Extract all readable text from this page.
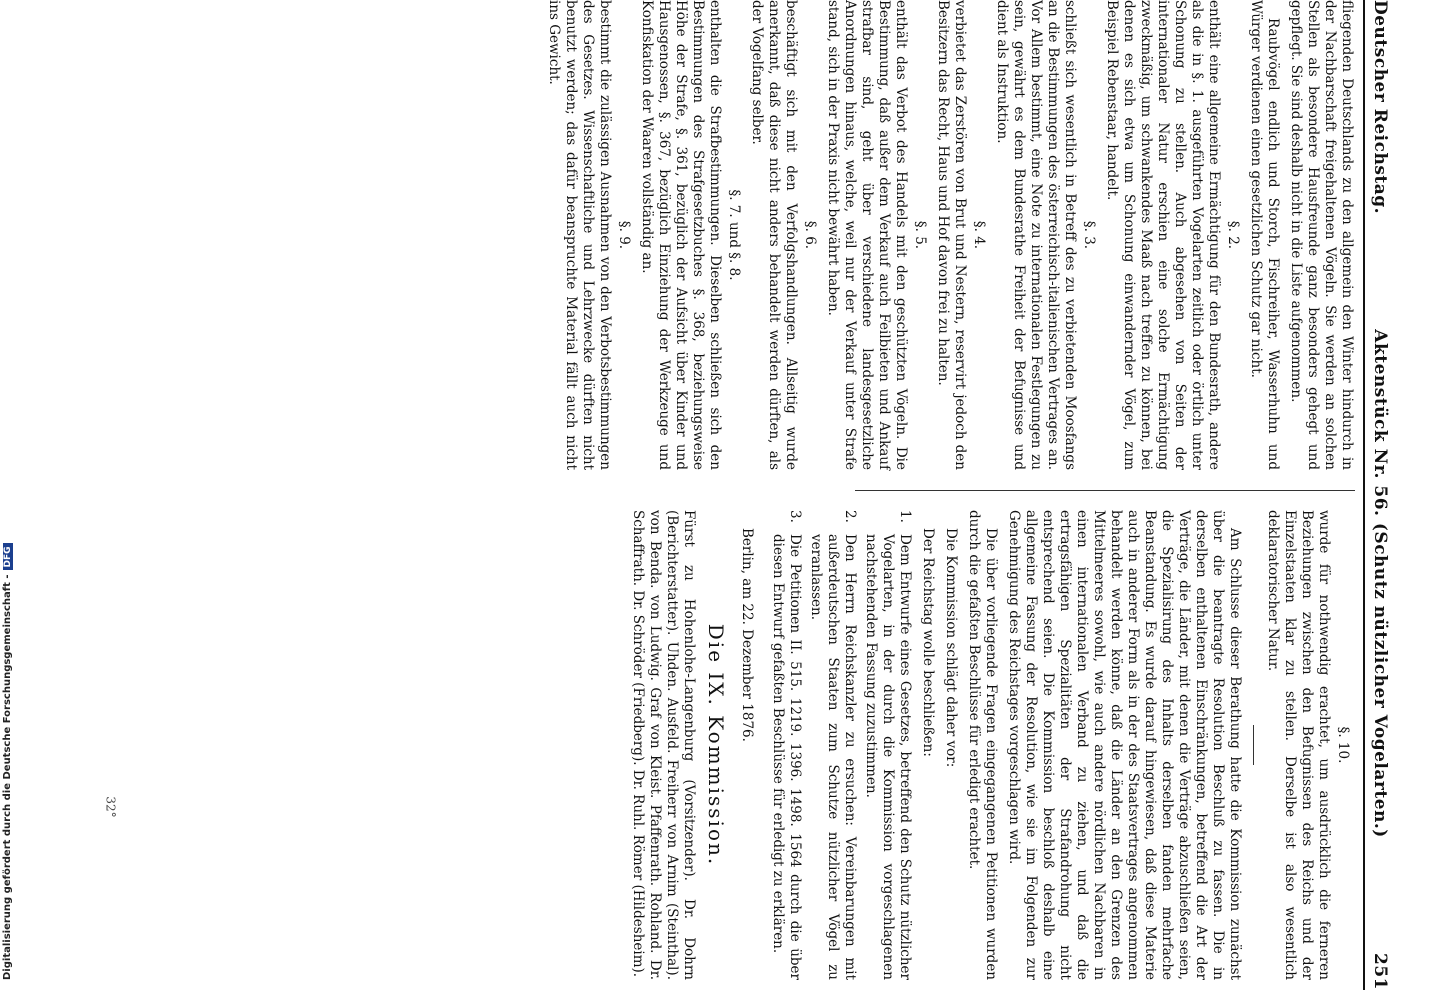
Digitalisierung gefördert durch die Deutsche Forschungsgemeinschaft -
DFG
32°
Deutscher Reichstag.
Aktenstück Nr. 56. (Schutz nützlicher Vogelarten.)
251

fliegenden Deutschlands zu den allgemein den Winter hindurch in der Nachbarschaft freigehaltenen Vögeln. Sie werden an solchen Stellen als besondere Hausfreunde ganz besonders gehegt und gepflegt. Sie sind deshalb nicht in die Liste aufgenommen.

Raubvögel endlich und Storch, Fischreiher, Wasserhuhn und Würger verdienen einen gesetzlichen Schutz gar nicht.

§. 2.

enthält eine allgemeine Ermächtigung für den Bundesrath, andere als die in §. 1. ausgeführten Vogelarten zeitlich oder örtlich unter Schonung zu stellen. Auch abgesehen von Seiten der internationaler Natur erschien eine solche Ermächtigung zweckmäßig, um schwankendes Maaß nach treffen zu können, bei denen es sich etwa um Schonung einwandernder Vögel, zum Beispiel Rebenstaar, handelt.

§. 3.

schließt sich wesentlich in Betreff des zu verbietenden Moosfangs an die Bestimmungen des österreichisch-italienischen Vertrages an. Vor Allem bestimmt, eine Note zu internationalen Festlegungen zu sein, gewährt es dem Bundesrathe Freiheit der Befugnisse und dient als Instruktion.

§. 4.

verbietet das Zerstören von Brut und Nestern, reservirt jedoch den Besitzern das Recht, Haus und Hof davon frei zu halten.

§. 5.

enthält das Verbot des Handels mit den geschützten Vögeln. Die Bestimmung, daß außer dem Verkauf auch Feilbieten und Ankauf strafbar sind, geht über verschiedene landesgesetzliche Anordnungen hinaus, welche, weil nur der Verkauf unter Strafe stand, sich in der Praxis nicht bewährt haben.

§. 6.

beschäftigt sich mit den Verfolgshandlungen. Allseitig wurde anerkannt, daß diese nicht anders behandelt werden dürften, als der Vogelfang selber.

§. 7. und §. 8.

enthalten die Strafbestimmungen. Dieselben schließen sich den Bestimmungen des Strafgesetzbuches §. 368, beziehungsweise Höhe der Strafe, §. 361, bezüglich der Aufsicht über Kinder und Hausgenossen, §. 367, bezüglich Einziehung der Werkzeuge und Konfiskation der Waaren vollständig an.

§. 9.

bestimmt die zulässigen Ausnahmen von den Verbotsbestimmungen des Gesetzes. Wissenschaftliche und Lehrzwecke dürften nicht benutzt werden; das dafür beanspruchte Material fällt auch nicht ins Gewicht.

§. 10.

wurde für nothwendig erachtet, um ausdrücklich die ferneren Beziehungen zwischen den Befugnissen des Reichs und der Einzelstaaten klar zu stellen. Derselbe ist also wesentlich deklaratorischer Natur.

Am Schlusse dieser Berathung hatte die Kommission zunächst über die beantragte Resolution Beschluß zu fassen. Die in derselben enthaltenen Einschränkungen, betreffend die Art der Verträge, die Länder, mit denen die Verträge abzuschließen seien, die Spezialisirung des Inhalts derselben fanden mehrfache Beanstandung. Es wurde darauf hingewiesen, daß diese Materie auch in anderer Form als in der des Staatsvertrages angenommen behandelt werden könne, daß die Länder an den Grenzen des Mittelmeeres sowohl, wie auch andere nördlichen Nachbaren in einen internationalen Verband zu ziehen, und daß die ertragsfähigen Spezialitäten der Strafandrohung nicht entsprechend seien. Die Kommission beschloß deshalb eine allgemeine Fassung der Resolution, wie sie im Folgenden zur Genehmigung des Reichstages vorgeschlagen wird.

Die über vorliegende Fragen eingegangenen Petitionen wurden durch die gefaßten Beschlüsse für erledigt erachtet.

Die Kommission schlägt daher vor:

Der Reichstag wolle beschließen:

1.
Dem Entwurfe eines Gesetzes, betreffend den Schutz nützlicher Vogelarten, in der durch die Kommission vorgeschlagenen nachstehenden Fassung zuzustimmen.
2.
Den Herrn Reichskanzler zu ersuchen: Vereinbarungen mit außerdeutschen Staaten zum Schutze nützlicher Vögel zu veranlassen.
3.
Die Petitionen II. 515. 1219. 1396. 1498. 1564 durch die über diesen Entwurf gefaßten Beschlüsse für erledigt zu erklären.
Berlin, am 22. Dezember 1876.
Die IX. Kommission.

Fürst zu Hohenlohe-Langenburg (Vorsitzender). Dr. Dohrn (Berichterstatter). Uhden. Ausfeld. Freiherr von Arnim (Steinthal). von Benda. von Ludwig. Graf von Kleist. Pfaffenrath. Rohland. Dr. Schaffrath. Dr. Schröder (Friedberg). Dr. Ruhl. Römer (Hildesheim).
